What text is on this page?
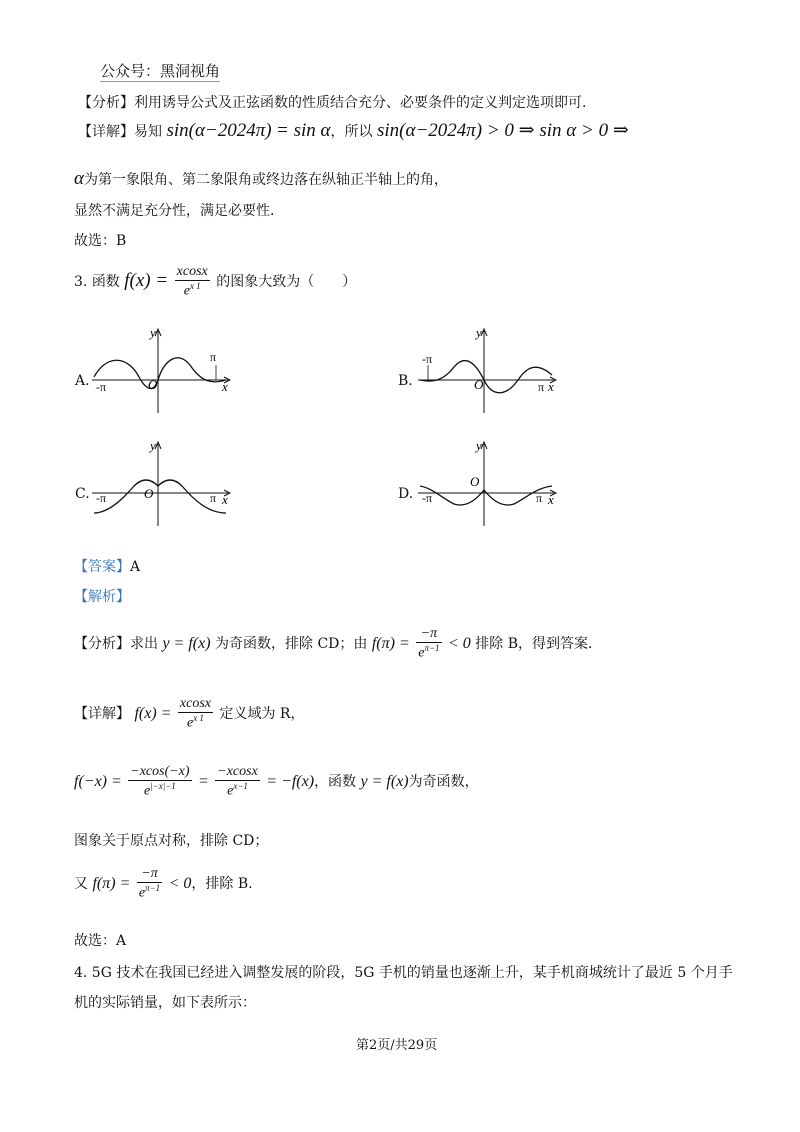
公众号：黑洞视角
【分析】利用诱导公式及正弦函数的性质结合充分、必要条件的定义判定选项即可.
【详解】易知 sin(α−2024π) = sin α，所以 sin(α−2024π) > 0 ⇒ sin α > 0 ⇒
α为第一象限角、第二象限角或终边落在纵轴正半轴上的角，
显然不满足充分性，满足必要性.
故选：B
3. 函数 $f(x) = \frac{xcosx}{e^{x 1}}$ 的图象大致为（　　）
A.	O
y
x
-π
π
B.	O
y
x
-π
π
C.	O
y
x
-π	π	D.
O
y
x
-π	π
【答案】A
【解析】
【分析】求出 y = f(x) 为奇函数，排除 CD；由 $f(\pi) = \frac{-\pi}{e^{\pi-1}} < 0$ 排除 B，得到答案.
【详解】 $f(x) = \frac{xcosx}{e^{x 1}}$ 定义域为 R，
$f(-x) = \frac{-xcos(-x)}{e^{|-x|-1}} = \frac{-xcosx}{e^{x-1}} = -f(x)$，函数 y = f(x)为奇函数，
图象关于原点对称，排除 CD；
又 $f(\pi) = \frac{-\pi}{e^{\pi-1}} < 0$，排除 B.
故选：A
4. 5G 技术在我国已经进入调整发展的阶段，5G 手机的销量也逐渐上升，某手机商城统计了最近 5 个月手
机的实际销量，如下表所示：
第2页/共29页
